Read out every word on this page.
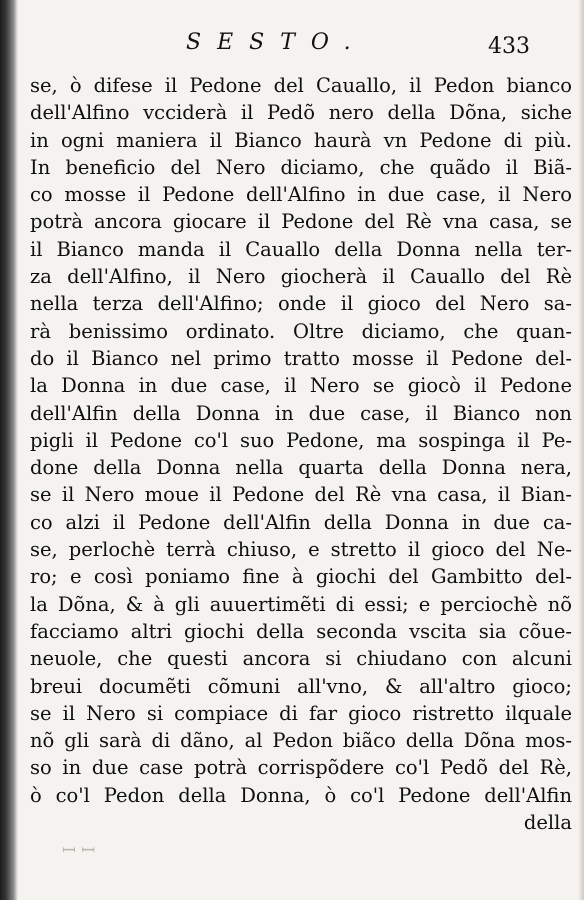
SESTO.	433
se, ò difese il Pedone del Cauallo, il Pedon bianco
dell'Alfino vcciderà il Pedõ nero della Dõna, siche
in ogni maniera il Bianco haurà vn Pedone di più.
In beneficio del Nero diciamo, che quãdo il Biã-
co mosse il Pedone dell'Alfino in due case, il Nero
potrà ancora giocare il Pedone del Rè vna casa, se
il Bianco manda il Cauallo della Donna nella ter-
za dell'Alfino, il Nero giocherà il Cauallo del Rè
nella terza dell'Alfino; onde il gioco del Nero sa-
rà benissimo ordinato. Oltre diciamo, che quan-
do il Bianco nel primo tratto mosse il Pedone del-
la Donna in due case, il Nero se giocò il Pedone
dell'Alfin della Donna in due case, il Bianco non
pigli il Pedone co'l suo Pedone, ma sospinga il Pe-
done della Donna nella quarta della Donna nera,
se il Nero moue il Pedone del Rè vna casa, il Bian-
co alzi il Pedone dell'Alfin della Donna in due ca-
se, perlochè terrà chiuso, e stretto il gioco del Ne-
ro; e così poniamo fine à giochi del Gambitto del-
la Dõna, & à gli auuertimẽti di essi; e perciochè nõ
facciamo altri giochi della seconda vscita sia cõue-
neuole, che questi ancora si chiudano con alcuni
breui documẽti cõmuni all'vno, & all'altro gioco;
se il Nero si compiace di far gioco ristretto ilquale
nõ gli sarà di dãno, al Pedon biãco della Dõna mos-
so in due case potrà corrispõdere co'l Pedõ del Rè,
ò co'l Pedon della Donna, ò co'l Pedone dell'Alfin
della
ꟷ ꟷ
